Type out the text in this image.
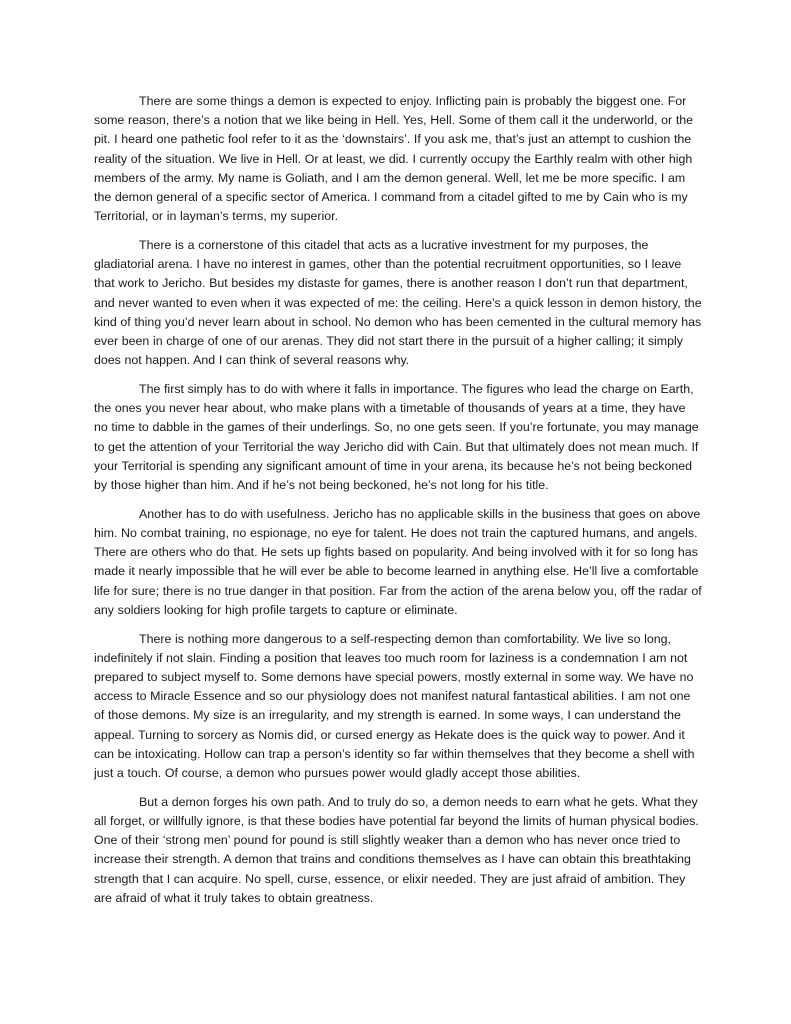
There are some things a demon is expected to enjoy. Inflicting pain is probably the biggest one. For some reason, there’s a notion that we like being in Hell. Yes, Hell. Some of them call it the underworld, or the pit. I heard one pathetic fool refer to it as the ‘downstairs’. If you ask me, that’s just an attempt to cushion the reality of the situation. We live in Hell. Or at least, we did. I currently occupy the Earthly realm with other high members of the army. My name is Goliath, and I am the demon general. Well, let me be more specific. I am the demon general of a specific sector of America. I command from a citadel gifted to me by Cain who is my Territorial, or in layman’s terms, my superior.

There is a cornerstone of this citadel that acts as a lucrative investment for my purposes, the gladiatorial arena. I have no interest in games, other than the potential recruitment opportunities, so I leave that work to Jericho. But besides my distaste for games, there is another reason I don’t run that department, and never wanted to even when it was expected of me: the ceiling. Here’s a quick lesson in demon history, the kind of thing you’d never learn about in school. No demon who has been cemented in the cultural memory has ever been in charge of one of our arenas. They did not start there in the pursuit of a higher calling; it simply does not happen. And I can think of several reasons why.

The first simply has to do with where it falls in importance. The figures who lead the charge on Earth, the ones you never hear about, who make plans with a timetable of thousands of years at a time, they have no time to dabble in the games of their underlings. So, no one gets seen. If you’re fortunate, you may manage to get the attention of your Territorial the way Jericho did with Cain. But that ultimately does not mean much. If your Territorial is spending any significant amount of time in your arena, its because he’s not being beckoned by those higher than him. And if he’s not being beckoned, he’s not long for his title.

Another has to do with usefulness. Jericho has no applicable skills in the business that goes on above him. No combat training, no espionage, no eye for talent. He does not train the captured humans, and angels. There are others who do that. He sets up fights based on popularity. And being involved with it for so long has made it nearly impossible that he will ever be able to become learned in anything else. He’ll live a comfortable life for sure; there is no true danger in that position. Far from the action of the arena below you, off the radar of any soldiers looking for high profile targets to capture or eliminate.

There is nothing more dangerous to a self-respecting demon than comfortability. We live so long, indefinitely if not slain. Finding a position that leaves too much room for laziness is a condemnation I am not prepared to subject myself to. Some demons have special powers, mostly external in some way. We have no access to Miracle Essence and so our physiology does not manifest natural fantastical abilities. I am not one of those demons. My size is an irregularity, and my strength is earned. In some ways, I can understand the appeal. Turning to sorcery as Nomis did, or cursed energy as Hekate does is the quick way to power. And it can be intoxicating. Hollow can trap a person’s identity so far within themselves that they become a shell with just a touch. Of course, a demon who pursues power would gladly accept those abilities.

But a demon forges his own path. And to truly do so, a demon needs to earn what he gets. What they all forget, or willfully ignore, is that these bodies have potential far beyond the limits of human physical bodies. One of their ‘strong men’ pound for pound is still slightly weaker than a demon who has never once tried to increase their strength. A demon that trains and conditions themselves as I have can obtain this breathtaking strength that I can acquire. No spell, curse, essence, or elixir needed. They are just afraid of ambition. They are afraid of what it truly takes to obtain greatness.
